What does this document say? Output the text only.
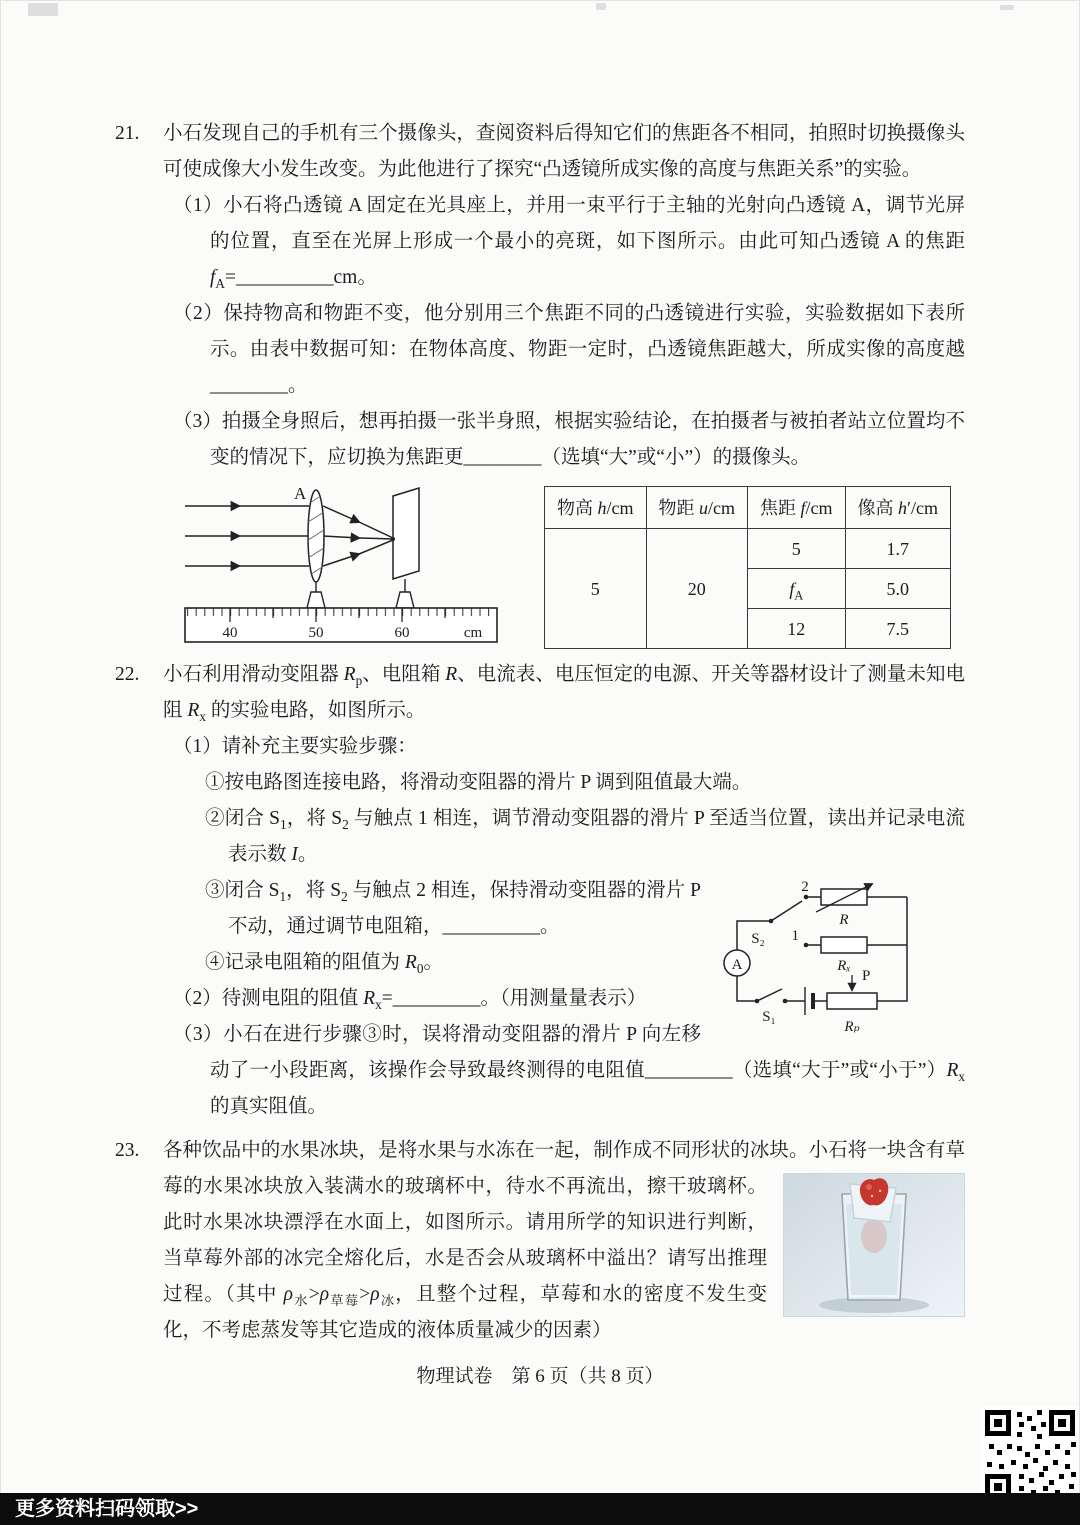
21. 小石发现自己的手机有三个摄像头，查阅资料后得知它们的焦距各不相同，拍照时切换摄像头可使成像大小发生改变。为此他进行了探究“凸透镜所成实像的高度与焦距关系”的实验。
（1）小石将凸透镜 A 固定在光具座上，并用一束平行于主轴的光射向凸透镜 A，调节光屏的位置，直至在光屏上形成一个最小的亮斑，如下图所示。由此可知凸透镜 A 的焦距 $f_A=\_\_\_\_\_\_\_\_\_\_cm$。
（2）保持物高和物距不变，他分别用三个焦距不同的凸透镜进行实验，实验数据如下表所示。由表中数据可知：在物体高度、物距一定时，凸透镜焦距越大，所成实像的高度越________。
（3）拍摄全身照后，想再拍摄一张半身照，根据实验结论，在拍摄者与被拍者站立位置均不变的情况下，应切换为焦距更________（选填“大”或“小”）的摄像头。
A
40	50	60	cm
物高 h/cm	物距 u/cm	焦距 f/cm	像高 h′/cm
5	20	5	1.7
		$f_A$	5.0
		12	7.5
22. 小石利用滑动变阻器 $R_p$、电阻箱 R、电流表、电压恒定的电源、开关等器材设计了测量未知电阻 $R_x$ 的实验电路，如图所示。
（1）请补充主要实验步骤：
①按电路图连接电路，将滑动变阻器的滑片 P 调到阻值最大端。
②闭合 $S_1$，将 $S_2$ 与触点 1 相连，调节滑动变阻器的滑片 P 至适当位置，读出并记录电流表示数 I。
A
S₂
2
1
R
Rₓ
S₁
P
Rₚ
③闭合 $S_1$，将 $S_2$ 与触点 2 相连，保持滑动变阻器的滑片 P 不动，通过调节电阻箱，__________。
④记录电阻箱的阻值为 $R_0$。
（2）待测电阻的阻值 $R_x=\_\_\_\_\_\_\_\_\_$。（用测量量表示）
（3）小石在进行步骤③时，误将滑动变阻器的滑片 P 向左移动了一小段距离，该操作会导致最终测得的电阻值_________（选填“大于”或“小于$”)R_x$ 的真实阻值。
23. 各种饮品中的水果冰块，是将水果与水冻在一起，制作成不同形状的冰块。小石将一块含有草莓的水果冰块放入装满水的玻璃杯中，待水不再流出，擦干玻璃杯。
此时水果冰块漂浮在水面上，如图所示。请用所学的知识进行判断，当草莓外部的冰完全熔化后，水是否会从玻璃杯中溢出？请写出推理过程。（其中 $\rho_水>\rho_{草莓}>\rho_冰$，且整个过程，草莓和水的密度不发生变化，不考虑蒸发等其它造成的液体质量减少的因素）
物理试卷　第 6 页（共 8 页）
更多资料扫码领取>>
